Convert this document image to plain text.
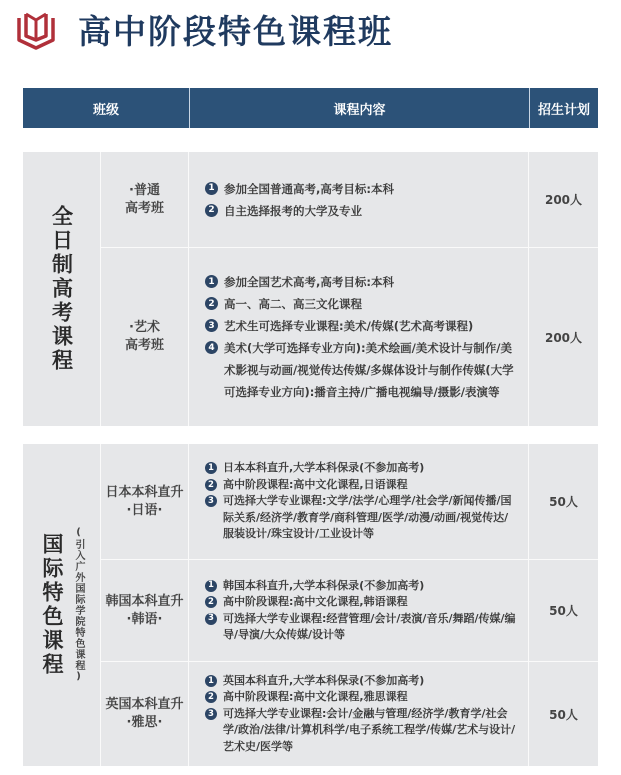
高中阶段特色课程班
班级	课程内容	招生计划
全日制高考课程
·普通
高考班
1 参加全国普通高考,高考目标:本科
2 自主选择报考的大学及专业
200人
·艺术
高考班
1 参加全国艺术高考,高考目标:本科
2 高一、高二、高三文化课程
3 艺术生可选择专业课程:美术/传媒(艺术高考课程)
4 美术(大学可选择专业方向):美术绘画/美术设计与制作/美术影视与动画/视觉传达传媒/多媒体设计与制作传媒(大学可选择专业方向):播音主持/广播电视编导/摄影/表演等
200人
国际特色课程 (引入广外国际学院特色课程)
日本本科直升
·日语·
1 日本本科直升,大学本科保录(不参加高考)
2 高中阶段课程:高中文化课程,日语课程
3 可选择大学专业课程:文学/法学/心理学/社会学/新闻传播/国际关系/经济学/教育学/商科管理/医学/动漫/动画/视觉传达/服装设计/珠宝设计/工业设计等
50人
韩国本科直升
·韩语·
1 韩国本科直升,大学本科保录(不参加高考)
2 高中阶段课程:高中文化课程,韩语课程
3 可选择大学专业课程:经营管理/会计/表演/音乐/舞蹈/传媒/编导/导演/大众传媒/设计等
50人
英国本科直升
·雅思·
1 英国本科直升,大学本科保录(不参加高考)
2 高中阶段课程:高中文化课程,雅思课程
3 可选择大学专业课程:会计/金融与管理/经济学/教育学/社会学/政治/法律/计算机科学/电子系统工程学/传媒/艺术与设计/艺术史/医学等
50人
